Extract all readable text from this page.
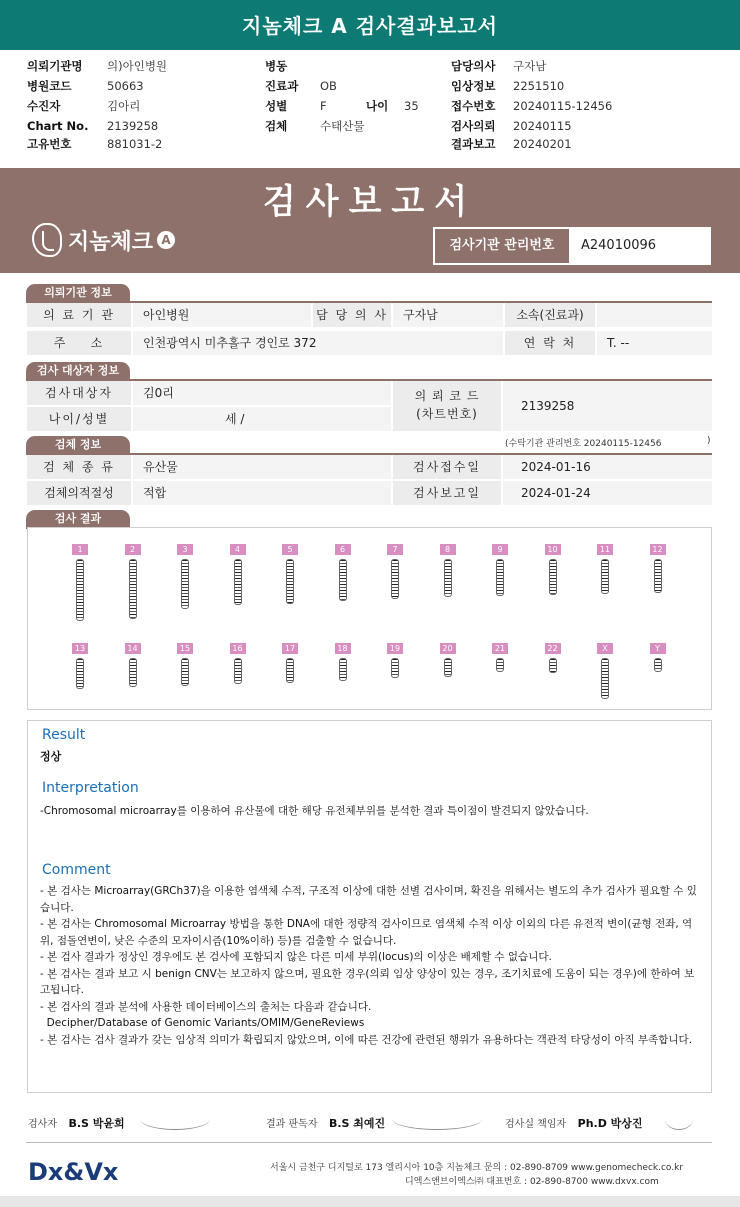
지놈체크 A 검사결과보고서
의뢰기관명 의)아인병원
병원코드	50663
수진자	김아리
Chart No. 2139258
고유번호	881031-2
병동
진료과 OB
성별	F	나이 35
검체	수태산물
담당의사 구자남
임상정보 2251510
접수번호 20240115-12456
검사의뢰 20240115
결과보고 20240201
검사보고서
지놈체크 A	검사기관 관리번호	A24010096
의뢰기관 정보
의 료 기 관	아인병원	담 당 의 사	구자남	소속(진료과)
주    소	인천광역시 미추홀구 경인로 372	연 락 처	T. --
검사 대상자 정보
검사대상자	김0리
나이/성별	세 /
의 뢰 코 드
(차트번호)
2139258
검체 정보	(수탁기관 관리번호 20240115-12456	)
검 체 종 류	유산물	검사접수일	2024-01-16
검체의적절성	적합	검사보고일	2024-01-24
검사 결과
1	2	3	4	5	6	7	8	9	10	11	12
13	14	15	16	17	18	19	20	21	22	X	Y
Result
정상
Interpretation
-Chromosomal microarray를 이용하여 유산물에 대한 해당 유전체부위를 분석한 결과 특이점이 발견되지 않았습니다.
Comment
- 본 검사는 Microarray(GRCh37)을 이용한 염색체 수적, 구조적 이상에 대한 선별 검사이며, 확진을 위해서는 별도의 추가 검사가 필요할 수 있습니다.
- 본 검사는 Chromosomal Microarray 방법을 통한 DNA에 대한 정량적 검사이므로 염색체 수적 이상 이외의 다른 유전적 변이(균형 전좌, 역위, 점돌연변이, 낮은 수준의 모자이시즘(10%이하) 등)를 검출할 수 없습니다.
- 본 검사 결과가 정상인 경우에도 본 검사에 포함되지 않은 다른 미세 부위(locus)의 이상은 배제할 수 없습니다.
- 본 검사는 결과 보고 시 benign CNV는 보고하지 않으며, 필요한 경우(의뢰 임상 양상이 있는 경우, 조기치료에 도움이 되는 경우)에 한하여 보고됩니다.
- 본 검사의 결과 분석에 사용한 데이터베이스의 출처는 다음과 같습니다.
Decipher/Database of Genomic Variants/OMIM/GeneReviews
- 본 검사는 검사 결과가 갖는 임상적 의미가 확립되지 않았으며, 이에 따른 건강에 관련된 행위가 유용하다는 객관적 타당성이 아직 부족합니다.
검사자 B.S 박윤희	결과 판독자 B.S 최예진	검사실 책임자 Ph.D 박상진
Dx&Vx	서울시 금천구 디지털로 173 엘리시아 10층 지놈체크 문의 : 02-890-8709 www.genomecheck.co.kr
디엑스앤브이엑스㈜ 대표번호 : 02-890-8700 www.dxvx.com
